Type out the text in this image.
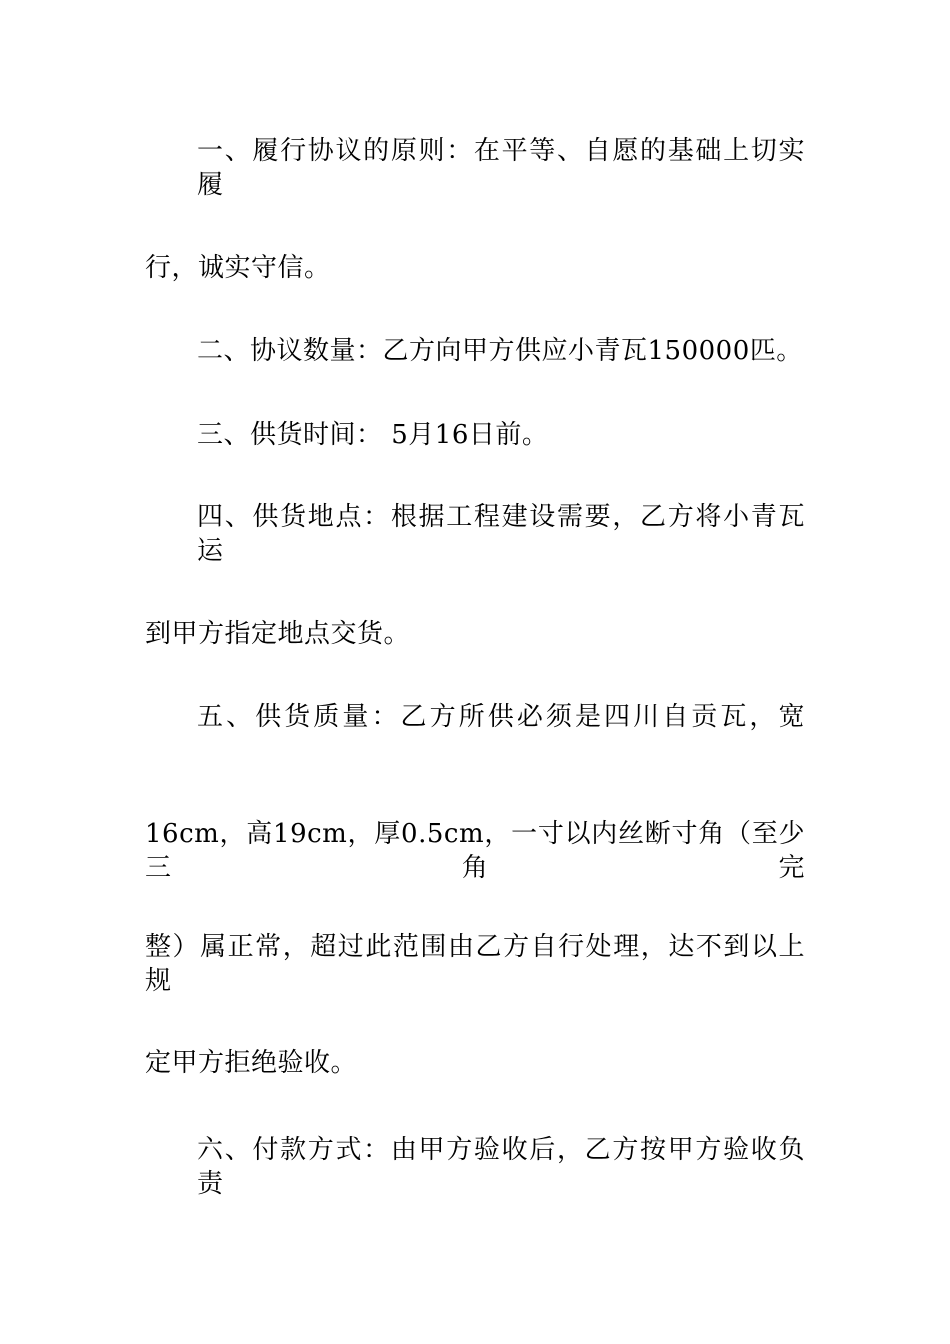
一、履行协议的原则：在平等、自愿的基础上切实履
行，诚实守信。
二、协议数量：乙方向甲方供应小青瓦150000匹。
三、供货时间： 5月16日前。
四、供货地点：根据工程建设需要，乙方将小青瓦运
到甲方指定地点交货。
五、供货质量：乙方所供必须是四川自贡瓦，宽
16cm，高19cm，厚0.5cm，一寸以内丝断寸角（至少三角完
整）属正常，超过此范围由乙方自行处理，达不到以上规
定甲方拒绝验收。
六、付款方式：由甲方验收后，乙方按甲方验收负责
